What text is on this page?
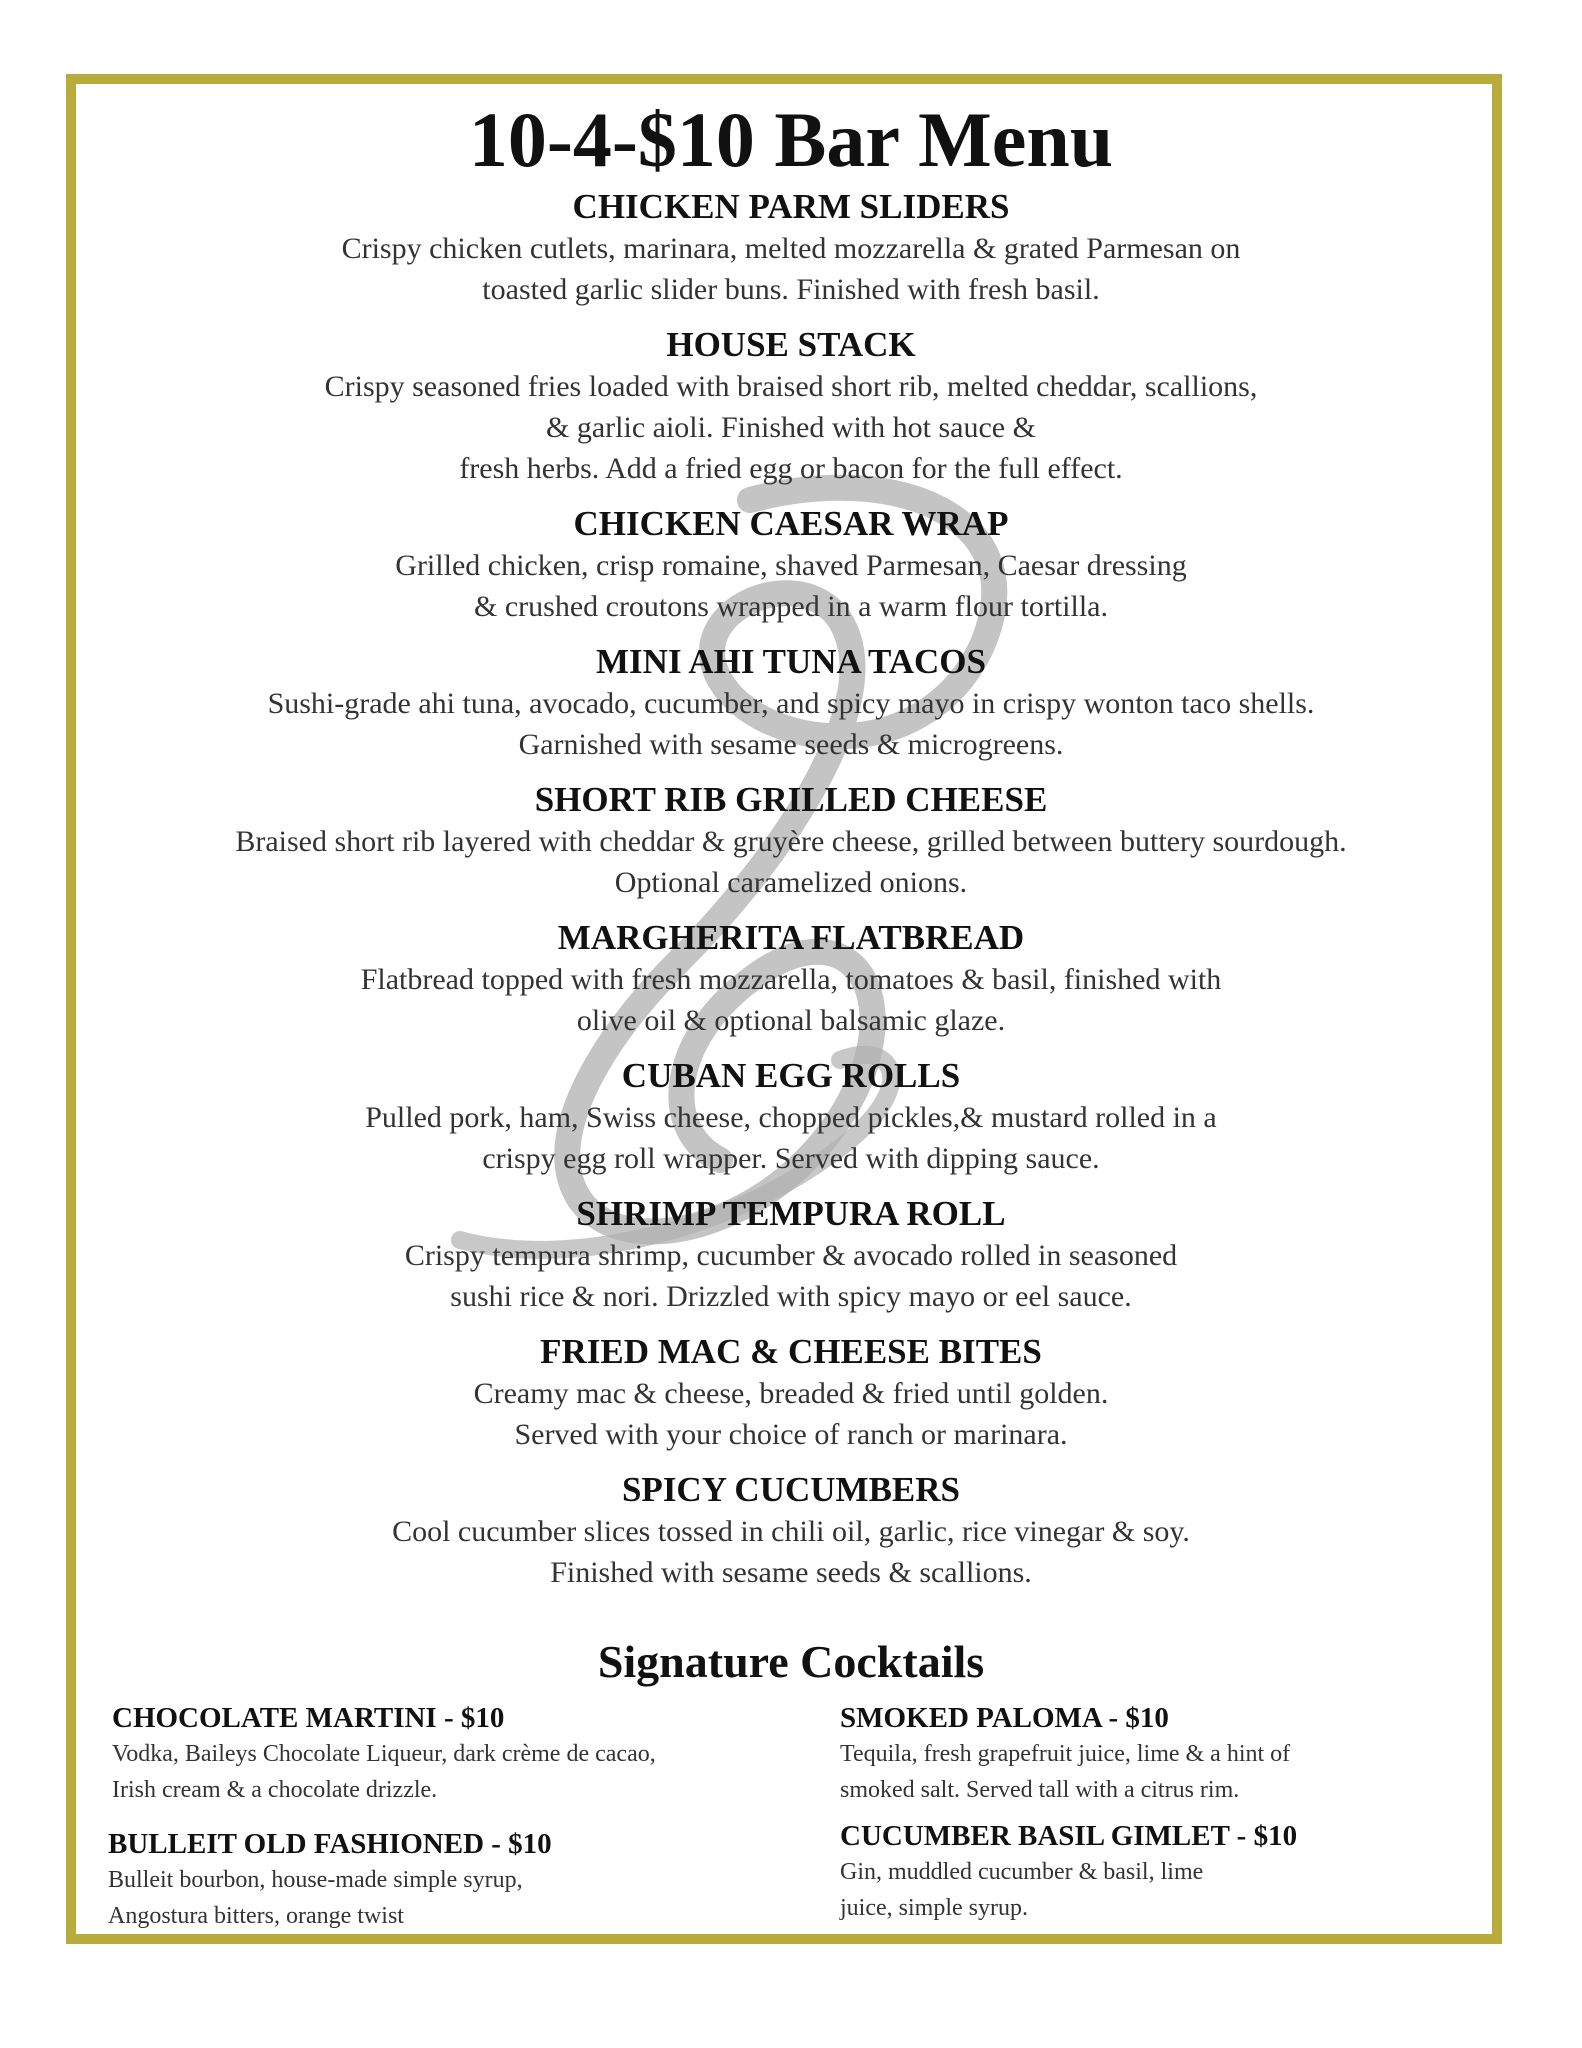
10-4-$10 Bar Menu
CHICKEN PARM SLIDERS
Crispy chicken cutlets, marinara, melted mozzarella & grated Parmesan on
toasted garlic slider buns. Finished with fresh basil.
HOUSE STACK
Crispy seasoned fries loaded with braised short rib, melted cheddar, scallions,
& garlic aioli. Finished with hot sauce &
fresh herbs. Add a fried egg or bacon for the full effect.
CHICKEN CAESAR WRAP
Grilled chicken, crisp romaine, shaved Parmesan, Caesar dressing
& crushed croutons wrapped in a warm flour tortilla.
MINI AHI TUNA TACOS
Sushi-grade ahi tuna, avocado, cucumber, and spicy mayo in crispy wonton taco shells.
Garnished with sesame seeds & microgreens.
SHORT RIB GRILLED CHEESE
Braised short rib layered with cheddar & gruyère cheese, grilled between buttery sourdough.
Optional caramelized onions.
MARGHERITA FLATBREAD
Flatbread topped with fresh mozzarella, tomatoes & basil, finished with
olive oil & optional balsamic glaze.
CUBAN EGG ROLLS
Pulled pork, ham, Swiss cheese, chopped pickles,& mustard rolled in a
crispy egg roll wrapper. Served with dipping sauce.
SHRIMP TEMPURA ROLL
Crispy tempura shrimp, cucumber & avocado rolled in seasoned
sushi rice & nori. Drizzled with spicy mayo or eel sauce.
FRIED MAC & CHEESE BITES
Creamy mac & cheese, breaded & fried until golden.
Served with your choice of ranch or marinara.
SPICY CUCUMBERS
Cool cucumber slices tossed in chili oil, garlic, rice vinegar & soy.
Finished with sesame seeds & scallions.
Signature Cocktails
CHOCOLATE MARTINI - $10
Vodka, Baileys Chocolate Liqueur, dark crème de cacao,
Irish cream & a chocolate drizzle.
BULLEIT OLD FASHIONED - $10
Bulleit bourbon, house-made simple syrup,
Angostura bitters, orange twist
SMOKED PALOMA - $10
Tequila, fresh grapefruit juice, lime & a hint of
smoked salt. Served tall with a citrus rim.
CUCUMBER BASIL GIMLET - $10
Gin, muddled cucumber & basil, lime
juice, simple syrup.
